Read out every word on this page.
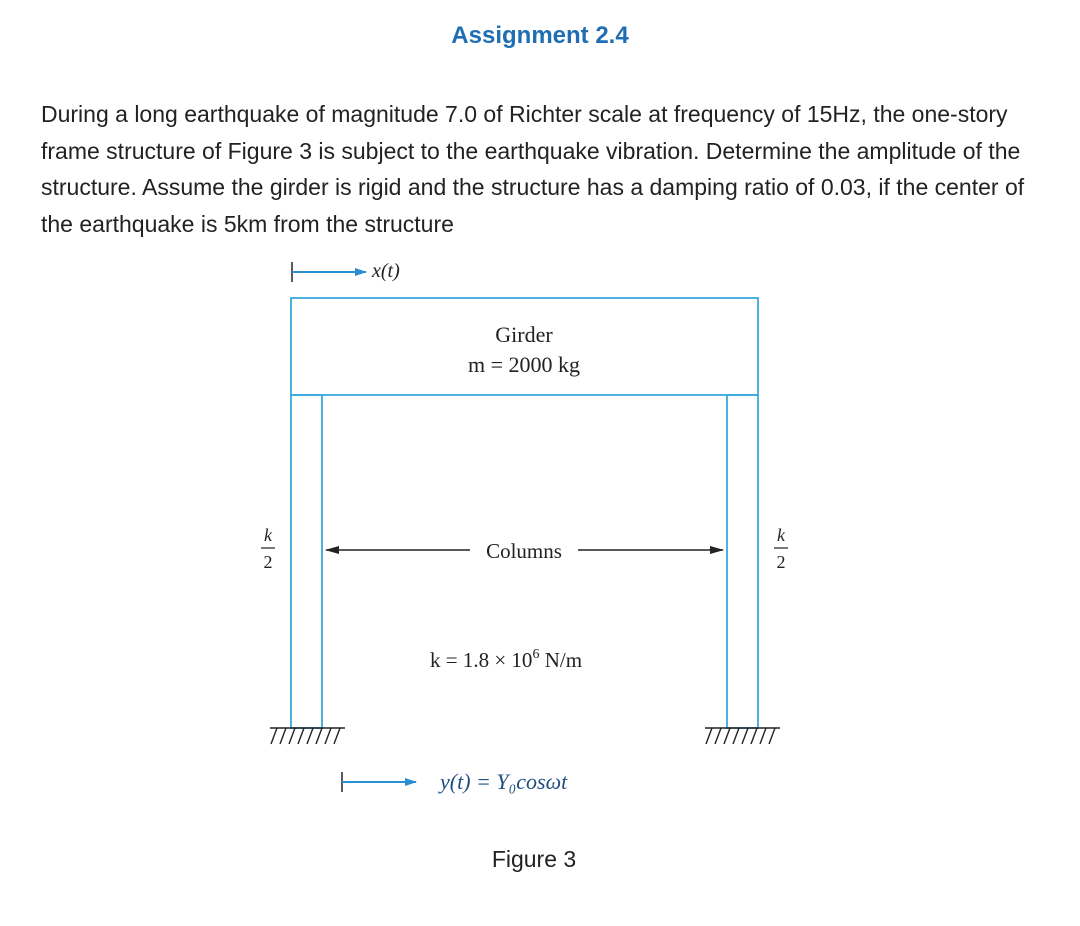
Assignment 2.4

During a long earthquake of magnitude 7.0 of Richter scale at frequency of 15Hz, the one-story frame structure of Figure 3 is subject to the earthquake vibration. Determine the amplitude of the structure. Assume the girder is rigid and the structure has a damping ratio of 0.03, if the center of the earthquake is 5km from the structure

x(t)
Girder
m = 2000 kg
Columns
k
2
k
2
$k = 1.8 \times 10^6$ N/m
y(t) = Y₀cosωt
Figure 3
